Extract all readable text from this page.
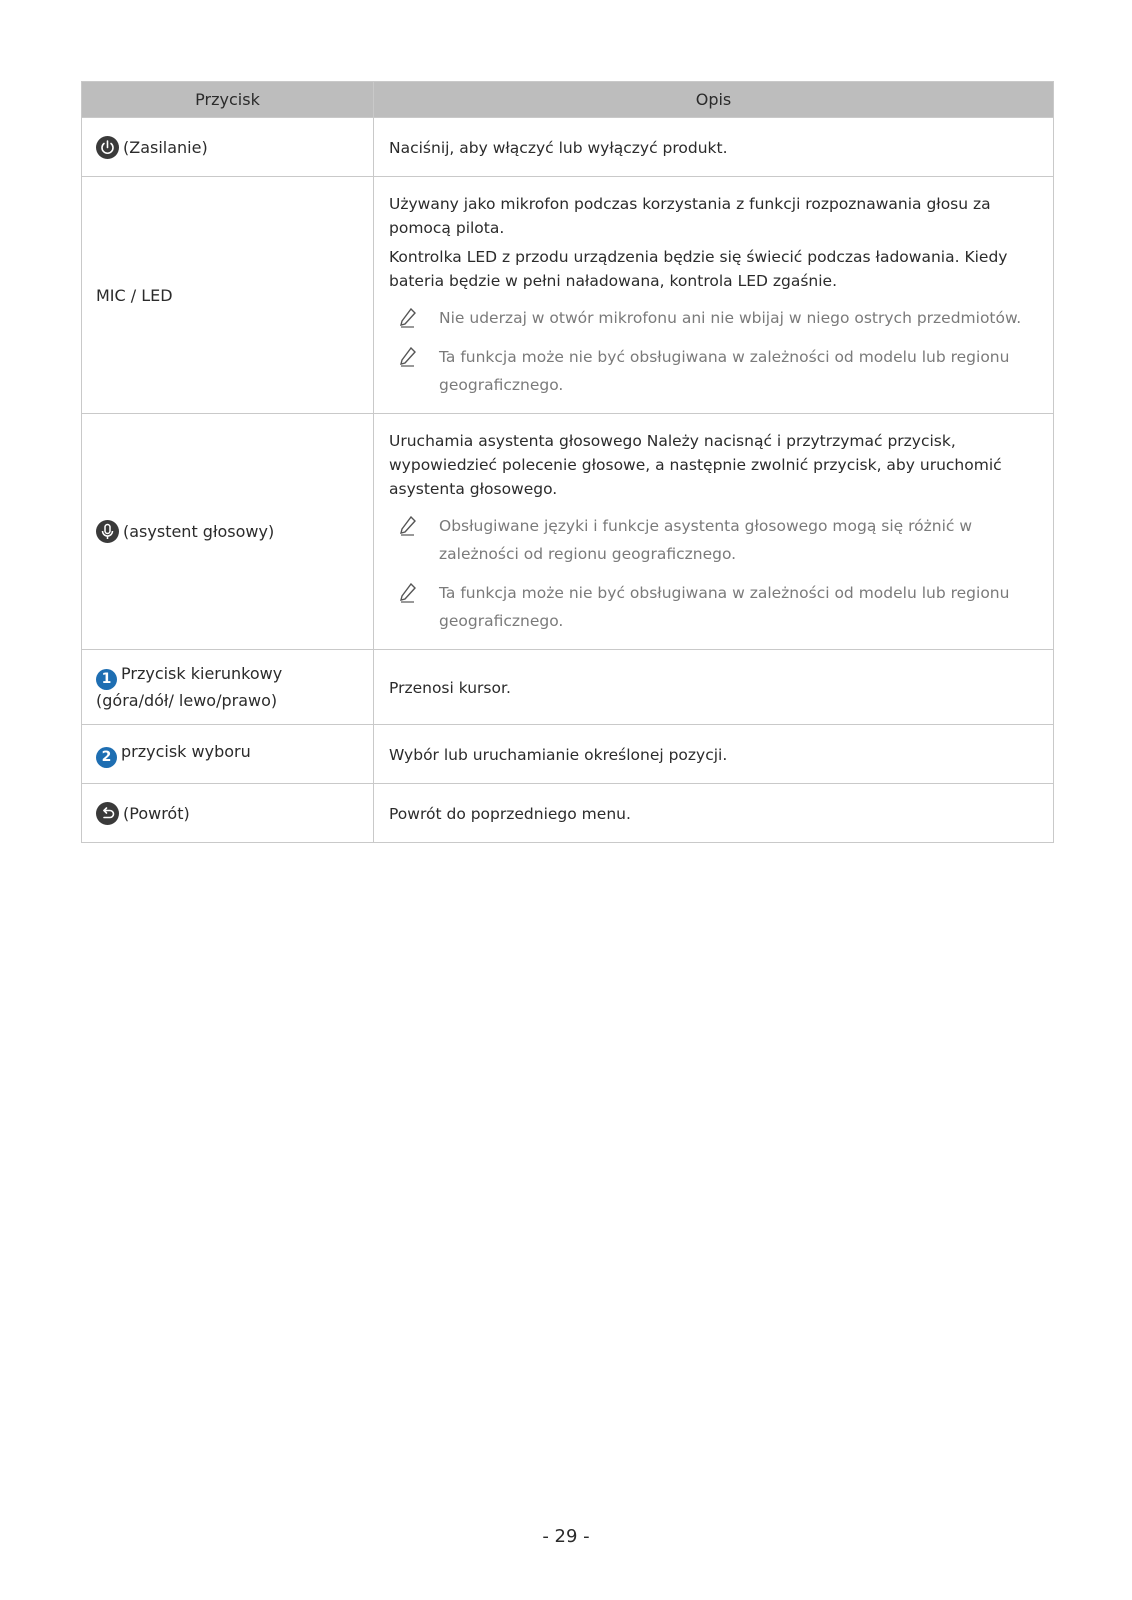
Przycisk	Opis

(Zasilanie)	Naciśnij, aby włączyć lub wyłączyć produkt.

MIC / LED	Używany jako mikrofon podczas korzystania z funkcji rozpoznawania głosu za pomocą pilota.

Kontrolka LED z przodu urządzenia będzie się świecić podczas ładowania. Kiedy bateria będzie w pełni naładowana, kontrola LED zgaśnie.

Nie uderzaj w otwór mikrofonu ani nie wbijaj w niego ostrych przedmiotów.
Ta funkcja może nie być obsługiwana w zależności od modelu lub regionu geograficznego.

(asystent głosowy)	Uruchamia asystenta głosowego Należy nacisnąć i przytrzymać przycisk, wypowiedzieć polecenie głosowe, a następnie zwolnić przycisk, aby uruchomić asystenta głosowego.

Obsługiwane języki i funkcje asystenta głosowego mogą się różnić w zależności od regionu geograficznego.
Ta funkcja może nie być obsługiwana w zależności od modelu lub regionu geograficznego.

1 Przycisk kierunkowy (góra/dół/ lewo/prawo)	Przenosi kursor.

2 przycisk wyboru	Wybór lub uruchamianie określonej pozycji.

(Powrót)	Powrót do poprzedniego menu.

- 29 -
